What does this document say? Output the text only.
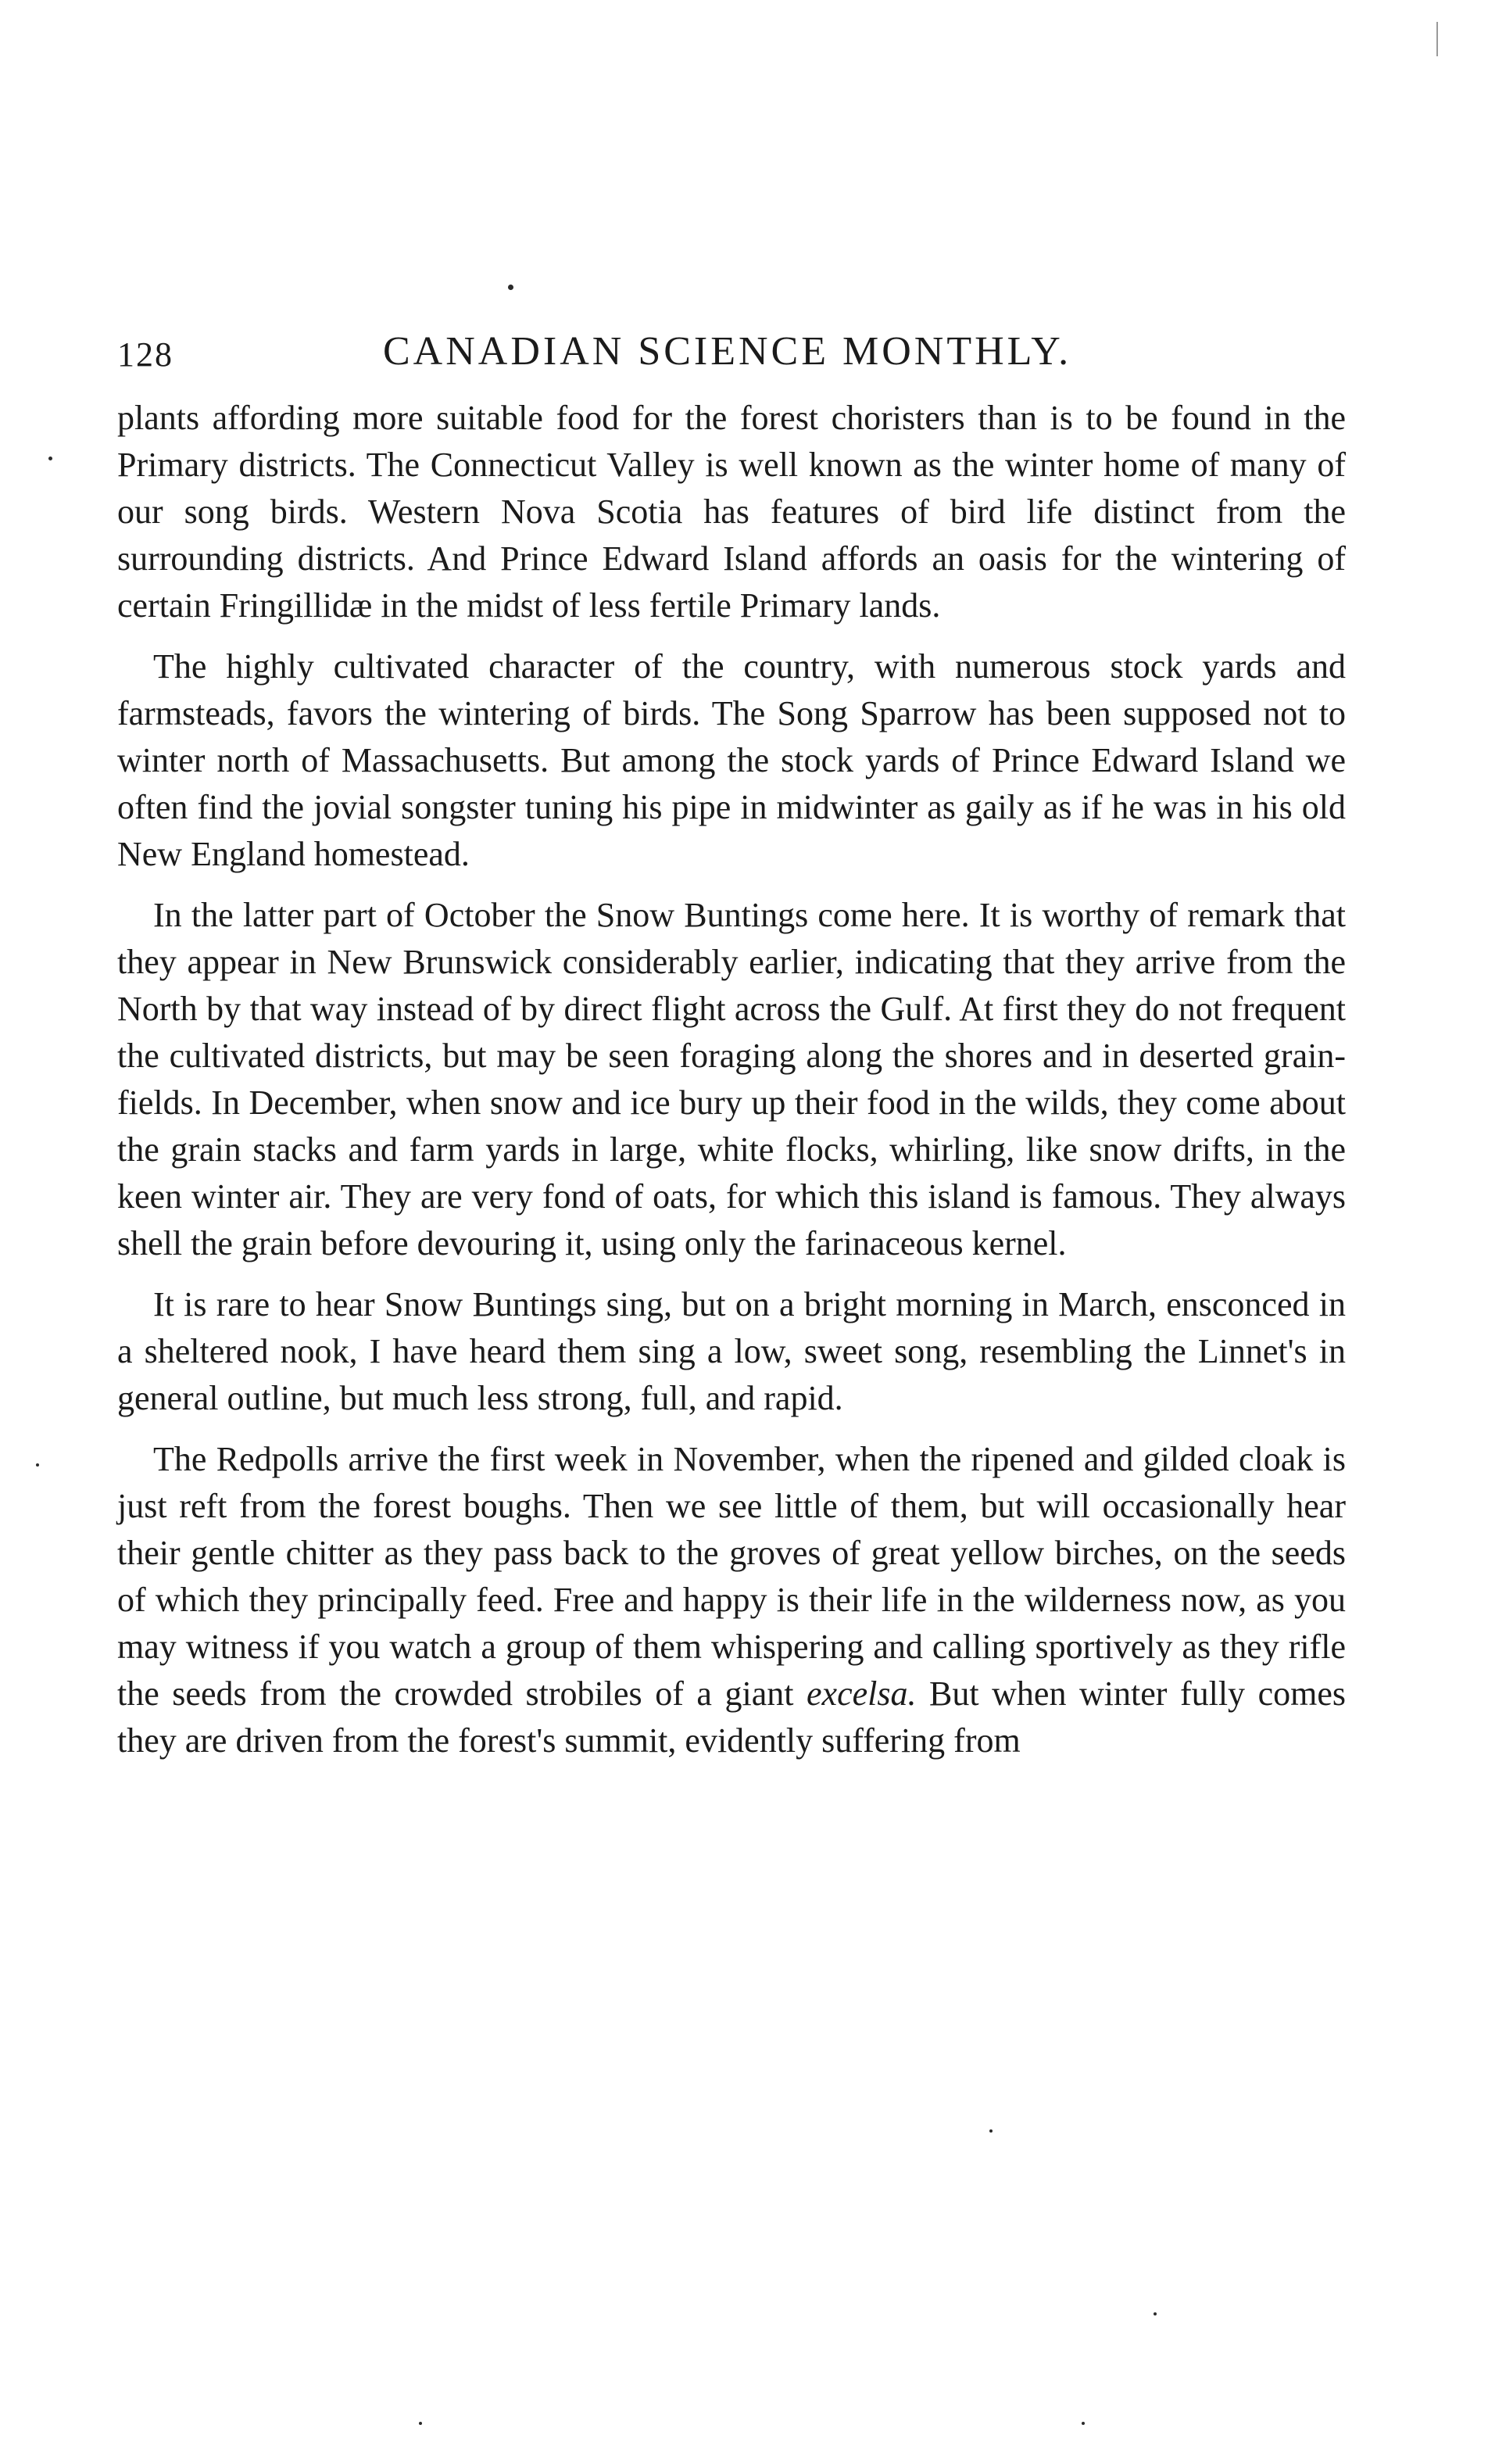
128	CANADIAN SCIENCE MONTHLY.

plants affording more suitable food for the forest choristers than is to be found in the Primary districts. The Connecticut Valley is well known as the winter home of many of our song birds. Western Nova Scotia has features of bird life distinct from the surrounding districts. And Prince Edward Island affords an oasis for the wintering of certain Fringillidæ in the midst of less fertile Primary lands.

The highly cultivated character of the country, with numerous stock yards and farmsteads, favors the wintering of birds. The Song Sparrow has been supposed not to winter north of Massachusetts. But among the stock yards of Prince Edward Island we often find the jovial songster tuning his pipe in midwinter as gaily as if he was in his old New England homestead.

In the latter part of October the Snow Buntings come here. It is worthy of remark that they appear in New Brunswick considerably earlier, indicating that they arrive from the North by that way instead of by direct flight across the Gulf. At first they do not frequent the cultivated districts, but may be seen foraging along the shores and in deserted grain-fields. In December, when snow and ice bury up their food in the wilds, they come about the grain stacks and farm yards in large, white flocks, whirling, like snow drifts, in the keen winter air. They are very fond of oats, for which this island is famous. They always shell the grain before devouring it, using only the farinaceous kernel.

It is rare to hear Snow Buntings sing, but on a bright morning in March, ensconced in a sheltered nook, I have heard them sing a low, sweet song, resembling the Linnet's in general outline, but much less strong, full, and rapid.

The Redpolls arrive the first week in November, when the ripened and gilded cloak is just reft from the forest boughs. Then we see little of them, but will occasionally hear their gentle chitter as they pass back to the groves of great yellow birches, on the seeds of which they principally feed. Free and happy is their life in the wilderness now, as you may witness if you watch a group of them whispering and calling sportively as they rifle the seeds from the crowded strobiles of a giant excelsa. But when winter fully comes they are driven from the forest's summit, evidently suffering from
